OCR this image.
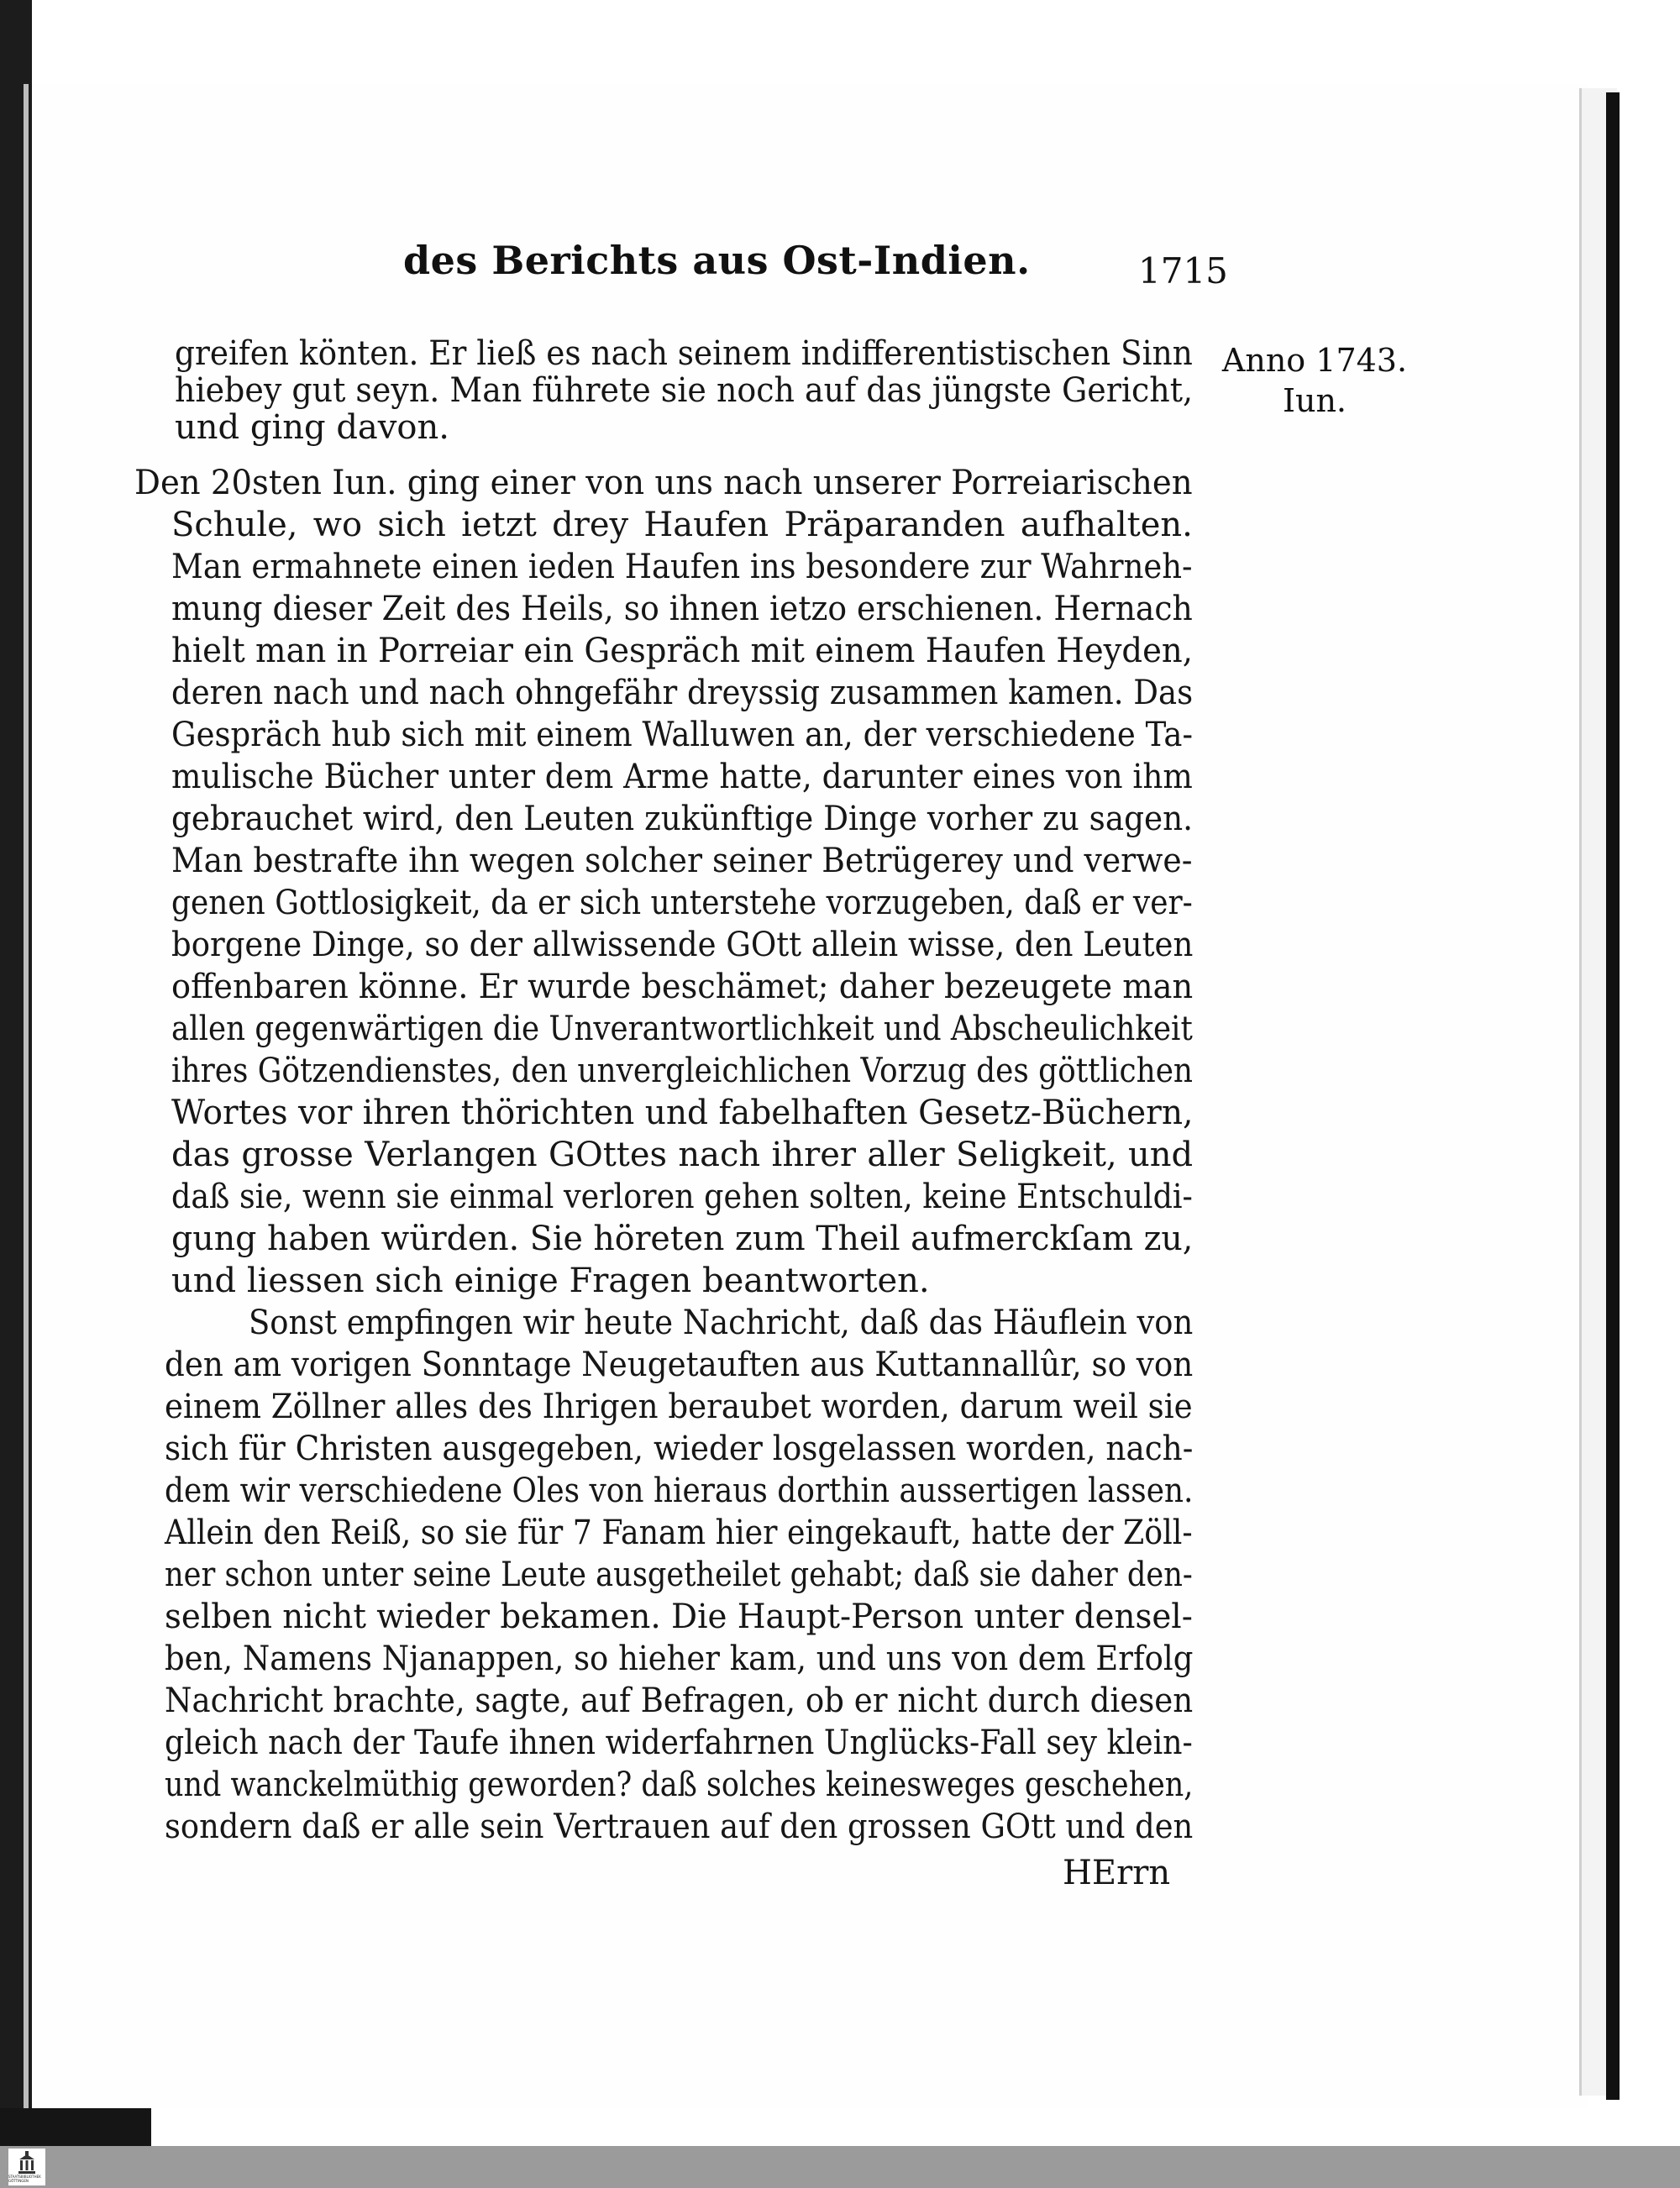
STAATSBIBLIOTHEK GÖTTINGEN
des Berichts aus Ost-Indien.	1715
Anno 1743.
Iun.
greifen könten. Er ließ es nach seinem indifferentistischen Sinn
hiebey gut seyn. Man führete sie noch auf das jüngste Gericht,
und ging davon.
Den 20sten Iun. ging einer von uns nach unserer Porreiarischen
Schule, wo sich ietzt drey Haufen Präparanden aufhalten.
Man ermahnete einen ieden Haufen ins besondere zur Wahrneh-
mung dieser Zeit des Heils, so ihnen ietzo erschienen. Hernach
hielt man in Porreiar ein Gespräch mit einem Haufen Heyden,
deren nach und nach ohngefähr dreyssig zusammen kamen. Das
Gespräch hub sich mit einem Walluwen an, der verschiedene Ta-
mulische Bücher unter dem Arme hatte, darunter eines von ihm
gebrauchet wird, den Leuten zukünftige Dinge vorher zu sagen.
Man bestrafte ihn wegen solcher seiner Betrügerey und verwe-
genen Gottlosigkeit, da er sich unterstehe vorzugeben, daß er ver-
borgene Dinge, so der allwissende GOtt allein wisse, den Leuten
offenbaren könne. Er wurde beschämet; daher bezeugete man
allen gegenwärtigen die Unverantwortlichkeit und Abscheulichkeit
ihres Götzendienstes, den unvergleichlichen Vorzug des göttlichen
Wortes vor ihren thörichten und fabelhaften Gesetz-Büchern,
das grosse Verlangen GOttes nach ihrer aller Seligkeit, und
daß sie, wenn sie einmal verloren gehen solten, keine Entschuldi-
gung haben würden. Sie höreten zum Theil aufmerckſam zu,
und liessen sich einige Fragen beantworten.
Sonst empfingen wir heute Nachricht, daß das Häuflein von
den am vorigen Sonntage Neugetauften aus Kuttannallûr, so von
einem Zöllner alles des Ihrigen beraubet worden, darum weil sie
sich für Christen ausgegeben, wieder losgelassen worden, nach-
dem wir verschiedene Oles von hieraus dorthin aussertigen lassen.
Allein den Reiß, so sie für 7 Fanam hier eingekauft, hatte der Zöll-
ner schon unter seine Leute ausgetheilet gehabt; daß sie daher den-
selben nicht wieder bekamen. Die Haupt-Person unter densel-
ben, Namens Njanappen, so hieher kam, und uns von dem Erfolg
Nachricht brachte, sagte, auf Befragen, ob er nicht durch diesen
gleich nach der Taufe ihnen widerfahrnen Unglücks-Fall sey klein-
und wanckelmüthig geworden? daß solches keinesweges geschehen,
sondern daß er alle sein Vertrauen auf den grossen GOtt und den
HErrn
